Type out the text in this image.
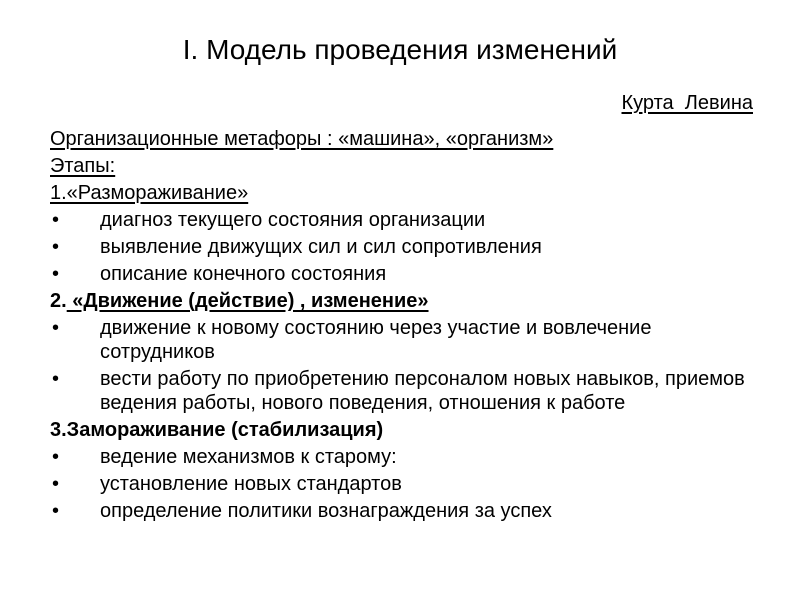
I. Модель проведения изменений
Курта  Левина
Организационные метафоры : «машина», «организм»
Этапы:
1.«Размораживание»
• диагноз текущего состояния организации
• выявление движущих сил и сил сопротивления
• описание конечного состояния
2. «Движение (действие) , изменение»
• движение к новому состоянию через участие и вовлечение сотрудников
• вести работу по приобретению персоналом новых навыков, приемов ведения работы, нового поведения, отношения к работе
3.Замораживание (стабилизация)
• ведение механизмов к старому:
• установление новых стандартов
• определение политики вознаграждения за успех
